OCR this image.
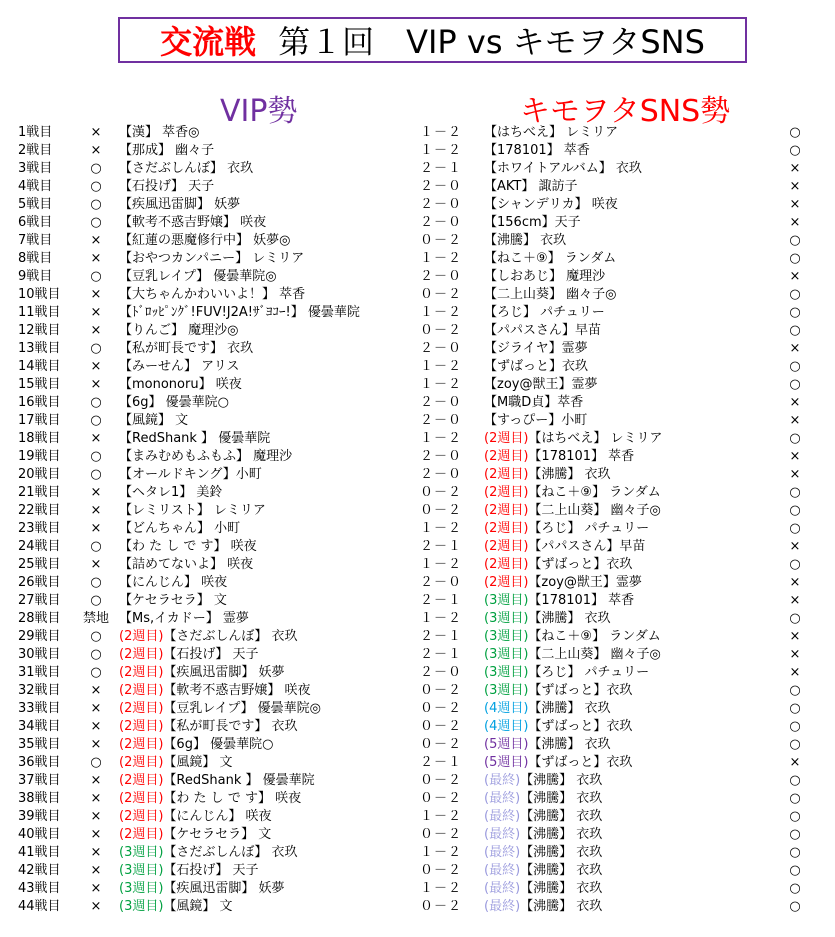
交流戦 第１回　VIP vs キモヲタSNS
VIP勢	キモヲタSNS勢
1戦目	×	【漢】 萃香◎	１－２ 【はちべえ】 レミリア	○
2戦目	×	【那成】 幽々子	１－２ 【178101】 萃香	○
3戦目	○	【さだぶしんぼ】 衣玖	２－１ 【ホワイトアルバム】 衣玖	×
4戦目	○	【石投げ】 天子	２－０ 【AKT】 諏訪子	×
5戦目	○	【疾風迅雷脚】 妖夢	２－０ 【シャンデリカ】 咲夜	×
6戦目	○	【軟考不惑吉野嬢】 咲夜	２－０ 【156cm】天子	×
7戦目	×	【紅蓮の悪魔修行中】 妖夢◎	０－２ 【沸騰】 衣玖	○
8戦目	×	【おやつカンパニー】 レミリア	１－２ 【ねこ＋⑨】 ランダム	○
9戦目	○	【豆乳レイプ】 優曇華院◎	２－０ 【しおあじ】 魔理沙	×
10戦目	×	【大ちゃんかわいいよ！】 萃香	０－２ 【二上山葵】 幽々子◎	○
11戦目	×	【ﾄﾞﾛｯﾋﾟﾝｸﾞ!FUV!J2A!ｻﾞﾖｺｰ!】 優曇華院	１－２ 【ろじ】 パチュリー	○
12戦目	×	【りんご】 魔理沙◎	０－２ 【パパスさん】早苗	○
13戦目	○	【私が町長です】 衣玖	２－０ 【ジライヤ】霊夢	×
14戦目	×	【みーせん】 アリス	１－２ 【ずばっと】衣玖	○
15戦目	×	【mononoru】 咲夜	１－２ 【zoy@獣王】霊夢	○
16戦目	○	【6g】 優曇華院○	２－０ 【M職D貞】萃香	×
17戦目	○	【風鏡】 文	２－０ 【すっぴー】小町	×
18戦目	×	【RedShank 】 優曇華院	１－２ (2週目)【はちべえ】 レミリア	○
19戦目	○	【まみむめもふもふ】 魔理沙	２－０ (2週目)【178101】 萃香	×
20戦目	○	【オールドキング】小町	２－０ (2週目)【沸騰】 衣玖	×
21戦目	×	【ヘタレ1】 美鈴	０－２ (2週目)【ねこ＋⑨】 ランダム	○
22戦目	×	【レミリスト】 レミリア	０－２ (2週目)【二上山葵】 幽々子◎	○
23戦目	×	【どんちゃん】 小町	１－２ (2週目)【ろじ】 パチュリー	○
24戦目	○	【わ た し で す】 咲夜	２－１ (2週目)【パパスさん】早苗	×
25戦目	×	【詰めてないよ】 咲夜	１－２ (2週目)【ずばっと】衣玖	○
26戦目	○	【にんじん】 咲夜	２－０ (2週目)【zoy@獣王】霊夢	×
27戦目	○	【ケセラセラ】 文	２－１ (3週目)【178101】 萃香	×
28戦目 禁地 【Ms,イカドー】 霊夢	１－２ (3週目)【沸騰】 衣玖	○
29戦目	○	(2週目)【さだぶしんぼ】 衣玖	２－１ (3週目)【ねこ＋⑨】 ランダム	×
30戦目	○	(2週目)【石投げ】 天子	２－１ (3週目)【二上山葵】 幽々子◎	×
31戦目	○	(2週目)【疾風迅雷脚】 妖夢	２－０ (3週目)【ろじ】 パチュリー	×
32戦目	×	(2週目)【軟考不惑吉野嬢】 咲夜	０－２ (3週目)【ずばっと】衣玖	○
33戦目	×	(2週目)【豆乳レイプ】 優曇華院◎	０－２ (4週目)【沸騰】 衣玖	○
34戦目	×	(2週目)【私が町長です】 衣玖	０－２ (4週目)【ずばっと】衣玖	○
35戦目	×	(2週目)【6g】 優曇華院○	０－２ (5週目)【沸騰】 衣玖	○
36戦目	○	(2週目)【風鏡】 文	２－１ (5週目)【ずばっと】衣玖	×
37戦目	×	(2週目)【RedShank 】 優曇華院	０－２ (最終)【沸騰】 衣玖	○
38戦目	×	(2週目)【わ た し で す】 咲夜	０－２ (最終)【沸騰】 衣玖	○
39戦目	×	(2週目)【にんじん】 咲夜	１－２ (最終)【沸騰】 衣玖	○
40戦目	×	(2週目)【ケセラセラ】 文	０－２ (最終)【沸騰】 衣玖	○
41戦目	×	(3週目)【さだぶしんぼ】 衣玖	１－２ (最終)【沸騰】 衣玖	○
42戦目	×	(3週目)【石投げ】 天子	０－２ (最終)【沸騰】 衣玖	○
43戦目	×	(3週目)【疾風迅雷脚】 妖夢	１－２ (最終)【沸騰】 衣玖	○
44戦目	×	(3週目)【風鏡】 文	０－２ (最終)【沸騰】 衣玖	○
